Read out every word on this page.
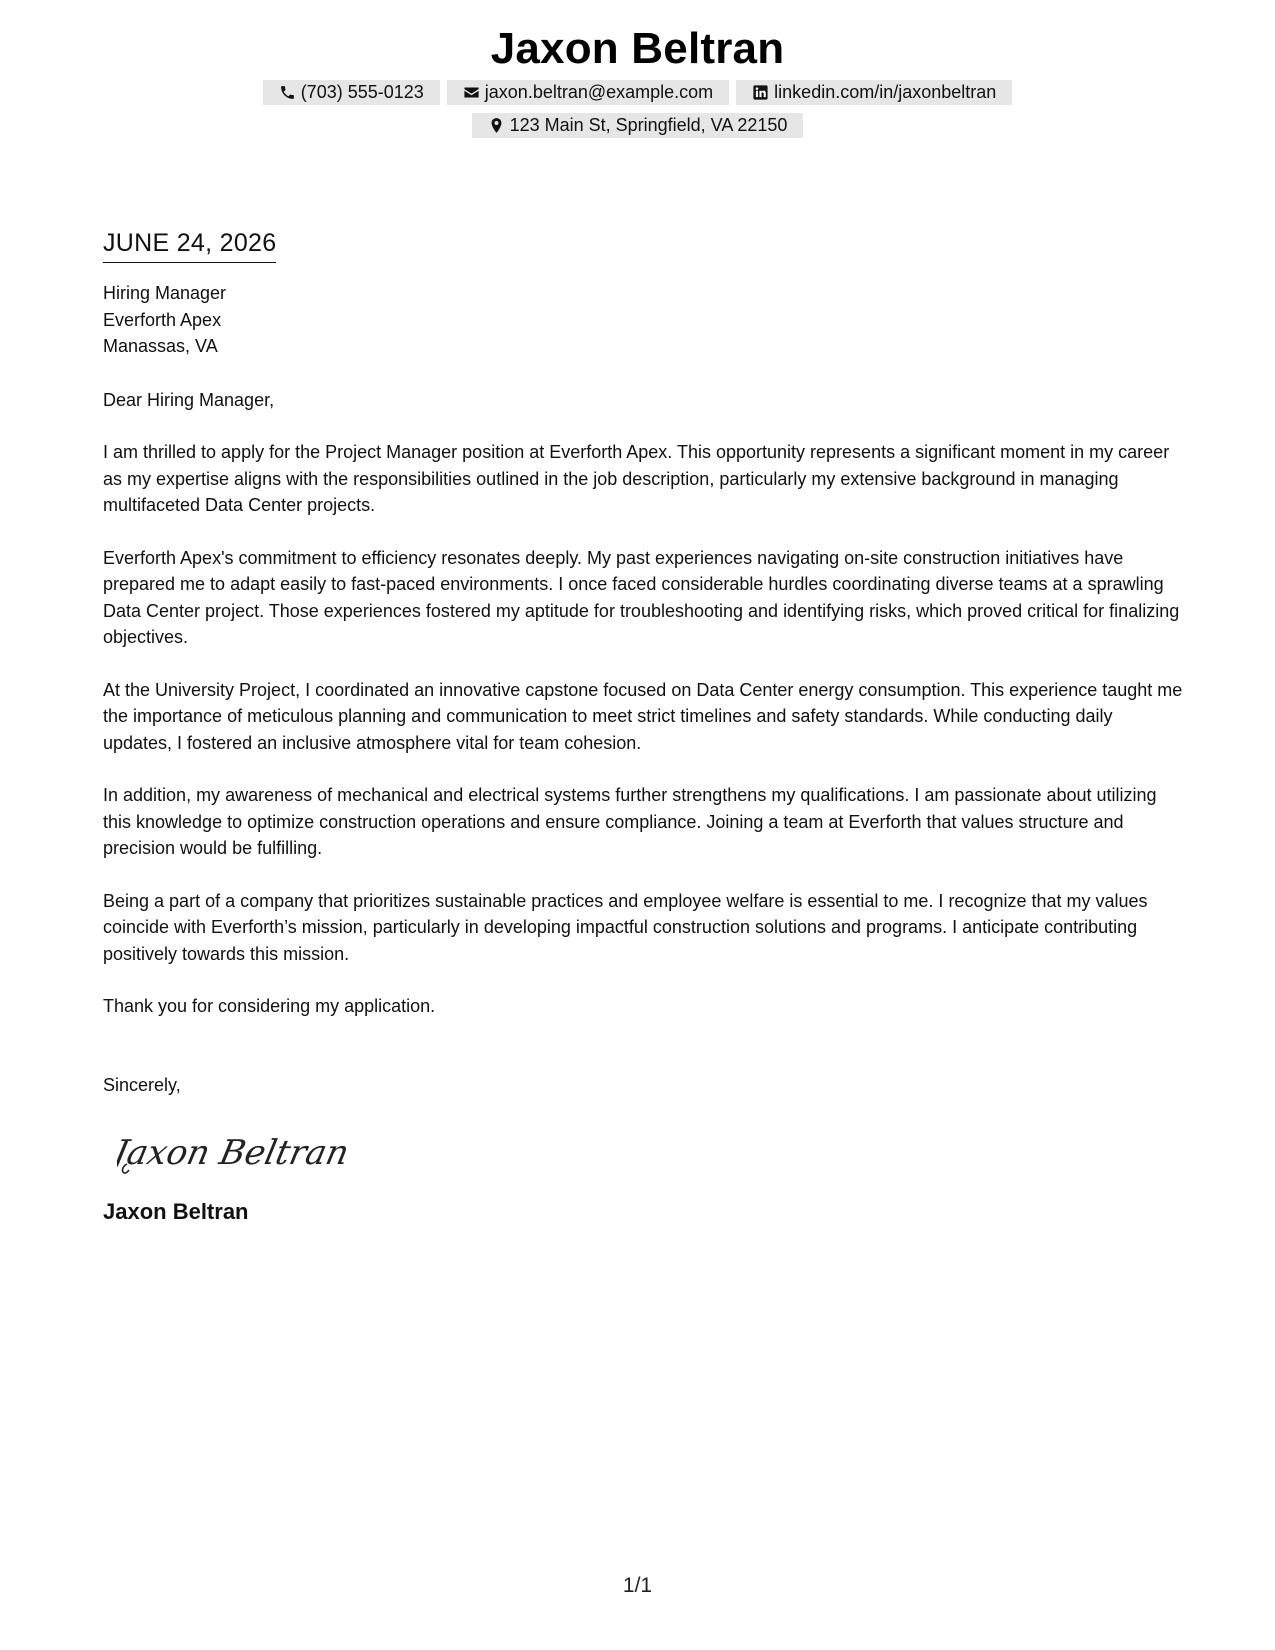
Jaxon Beltran
(703) 555-0123	jaxon.beltran@example.com	linkedin.com/in/jaxonbeltran
123 Main St, Springfield, VA 22150
JUNE 24, 2026
Hiring Manager
Everforth Apex
Manassas, VA
Dear Hiring Manager,

I am thrilled to apply for the Project Manager position at Everforth Apex. This opportunity represents a significant moment in my career as my expertise aligns with the responsibilities outlined in the job description, particularly my extensive background in managing multifaceted Data Center projects.

Everforth Apex's commitment to efficiency resonates deeply. My past experiences navigating on-site construction initiatives have prepared me to adapt easily to fast-paced environments. I once faced considerable hurdles coordinating diverse teams at a sprawling Data Center project. Those experiences fostered my aptitude for troubleshooting and identifying risks, which proved critical for finalizing objectives.

At the University Project, I coordinated an innovative capstone focused on Data Center energy consumption. This experience taught me the importance of meticulous planning and communication to meet strict timelines and safety standards. While conducting daily updates, I fostered an inclusive atmosphere vital for team cohesion.

In addition, my awareness of mechanical and electrical systems further strengthens my qualifications. I am passionate about utilizing this knowledge to optimize construction operations and ensure compliance. Joining a team at Everforth that values structure and precision would be fulfilling.

Being a part of a company that prioritizes sustainable practices and employee welfare is essential to me. I recognize that my values coincide with Everforth’s mission, particularly in developing impactful construction solutions and programs. I anticipate contributing positively towards this mission.

Thank you for considering my application.
Sincerely,
Jaxon Beltran
Jaxon Beltran
1/1
